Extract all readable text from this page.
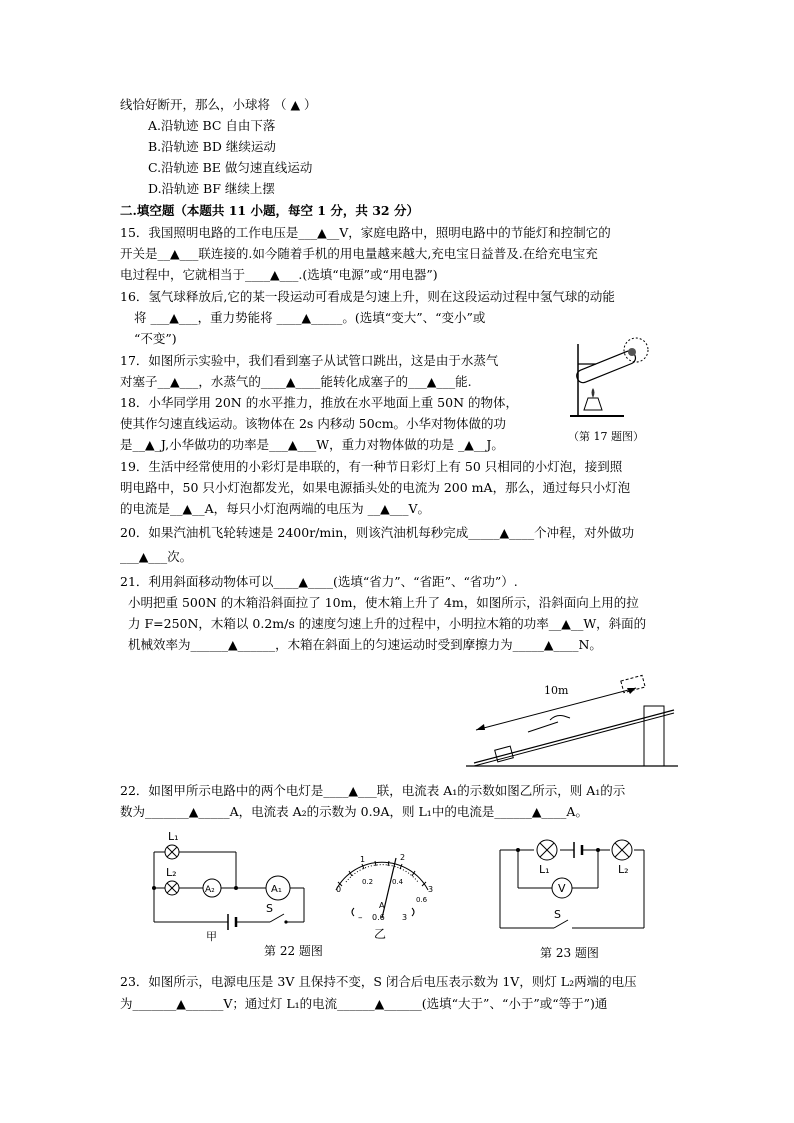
线恰好断开，那么，小球将 （ ▲ ）
A.沿轨迹 BC 自由下落
B.沿轨迹 BD 继续运动
C.沿轨迹 BE 做匀速直线运动
D.沿轨迹 BF 继续上摆
二.填空题（本题共 11 小题，每空 1 分，共 32 分）
15．我国照明电路的工作电压是___▲__V，家庭电路中，照明电路中的节能灯和控制它的
开关是__▲___联连接的.如今随着手机的用电量越来越大,充电宝日益普及.在给充电宝充
电过程中，它就相当于____▲___.(选填“电源”或“用电器”)
16．氢气球释放后,它的某一段运动可看成是匀速上升，则在这段运动过程中氢气球的动能
将 ___▲___，重力势能将 ____▲_____。(选填“变大”、“变小”或
“不变”)
17．如图所示实验中，我们看到塞子从试管口跳出，这是由于水蒸气
对塞子__▲___，水蒸气的____▲____能转化成塞子的___▲___能.
18．小华同学用 20N 的水平推力，推放在水平地面上重 50N 的物体，
使其作匀速直线运动。该物体在 2s 内移动 50cm。小华对物体做的功
是__▲_J,小华做功的功率是___▲___W，重力对物体做的功是 _▲__J。
19．生活中经常使用的小彩灯是串联的，有一种节日彩灯上有 50 只相同的小灯泡，接到照
明电路中，50 只小灯泡都发光，如果电源插头处的电流为 200 mA，那么，通过每只小灯泡
的电流是__▲__A，每只小灯泡两端的电压为 __▲___V。
20．如果汽油机飞轮转速是 2400r/min，则该汽油机每秒完成_____▲____个冲程，对外做功
___▲___次。
21．利用斜面移动物体可以____▲____(选填“省力”、“省距”、“省功”）.
小明把重 500N 的木箱沿斜面拉了 10m，使木箱上升了 4m，如图所示，沿斜面向上用的拉
力 F=250N，木箱以 0.2m/s 的速度匀速上升的过程中，小明拉木箱的功率__▲__W，斜面的
机械效率为______▲______，木箱在斜面上的匀速运动时受到摩擦力为_____▲____N。
22．如图甲所示电路中的两个电灯是____▲___联，电流表 A₁的示数如图乙所示，则 A₁的示
数为_______▲_____A，电流表 A₂的示数为 0.9A，则 L₁中的电流是______▲____A。
23．如图所示，电源电压是 3V 且保持不变，S 闭合后电压表示数为 1V，则灯 L₂两端的电压
为_______▲______V；通过灯 L₁的电流______▲______(选填“大于”、“小于”或“等于”)通
（第 17 题图）
10m
L₁
L₂
A₂	A₁
S
甲
0
1	2
3
0.2	0.4
0.6
A
– 0.6 3
乙
第 22 题图
L₁	L₂
V
S
第 23 题图
